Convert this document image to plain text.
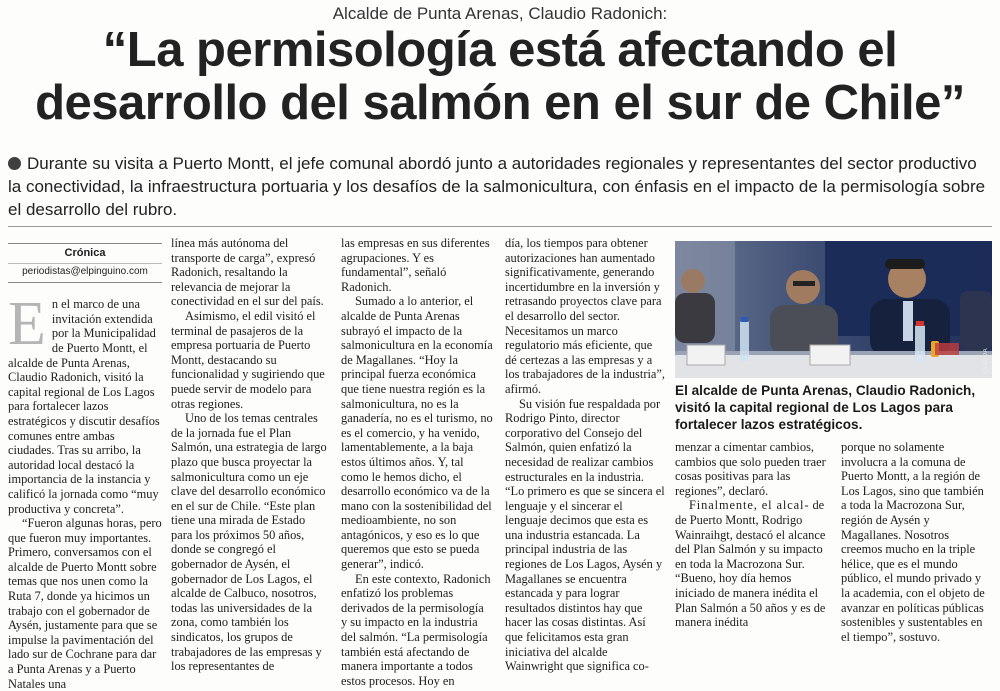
Alcalde de Punta Arenas, Claudio Radonich:
“La permisología está afectando el
desarrollo del salmón en el sur de Chile”
Durante su visita a Puerto Montt, el jefe comunal abordó junto a autoridades regionales y representantes del sector productivo la conectividad, la infraestructura portuaria y los desafíos de la salmonicultura, con énfasis en el impacto de la permisología sobre el desarrollo del rubro.
Crónica
periodistas@elpinguino.com
E n el marco de una invitación extendida por la Municipalidad de Puerto Montt, el alcalde de Punta Arenas, Claudio Radonich, visitó la capital regional de Los Lagos para fortalecer lazos estratégicos y discutir desafíos comunes entre ambas ciudades. Tras su arribo, la autoridad local destacó la importancia de la instancia y calificó la jornada como “muy productiva y concreta”.

“Fueron algunas horas, pero que fueron muy importantes. Primero, conversamos con el alcalde de Puerto Montt sobre temas que nos unen como la Ruta 7, donde ya hicimos un trabajo con el gobernador de Aysén, justamente para que se impulse la pavimentación del lado sur de Cochrane para dar a Punta Arenas y a Puerto Natales una

línea más autónoma del transporte de carga”, expresó Radonich, resaltando la relevancia de mejorar la conectividad en el sur del país.

Asimismo, el edil visitó el terminal de pasajeros de la empresa portuaria de Puerto Montt, destacando su funcionalidad y sugiriendo que puede servir de modelo para otras regiones.

Uno de los temas centrales de la jornada fue el Plan Salmón, una estrategia de largo plazo que busca proyectar la salmonicultura como un eje clave del desarrollo económico en el sur de Chile. “Este plan tiene una mirada de Estado para los próximos 50 años, donde se congregó el gobernador de Aysén, el gobernador de Los Lagos, el alcalde de Calbuco, nosotros, todas las universidades de la zona, como también los sindicatos, los grupos de trabajadores de las empresas y los representantes de

las empresas en sus diferentes agrupaciones. Y es fundamental”, señaló Radonich.

Sumado a lo anterior, el alcalde de Punta Arenas subrayó el impacto de la salmonicultura en la economía de Magallanes. “Hoy la principal fuerza económica que tiene nuestra región es la salmonicultura, no es la ganadería, no es el turismo, no es el comercio, y ha venido, lamentablemente, a la baja estos últimos años. Y, tal como le hemos dicho, el desarrollo económico va de la mano con la sostenibilidad del medioambiente, no son antagónicos, y eso es lo que queremos que esto se pueda generar”, indicó.

En este contexto, Radonich enfatizó los problemas derivados de la permisología y su impacto en la industria del salmón. “La permisología también está afectando de manera importante a todos estos procesos. Hoy en

día, los tiempos para obtener autorizaciones han aumentado significativamente, generando incertidumbre en la inversión y retrasando proyectos clave para el desarrollo del sector. Necesitamos un marco regulatorio más eficiente, que dé certezas a las empresas y a los trabajadores de la industria”, afirmó.

Su visión fue respaldada por Rodrigo Pinto, director corporativo del Consejo del Salmón, quien enfatizó la necesidad de realizar cambios estructurales en la industria. “Lo primero es que se sincera el lenguaje y el sincerar el lenguaje decimos que esta es una industria estancada. La principal industria de las regiones de Los Lagos, Aysén y Magallanes se encuentra estancada y para lograr resultados distintos hay que hacer las cosas distintas. Así que felicitamos esta gran iniciativa del alcalde Wainwright que significa co-

CEDIDA
El alcalde de Punta Arenas, Claudio Radonich, visitó la capital regional de Los Lagos para fortalecer lazos estratégicos.

menzar a cimentar cambios, cambios que solo pueden traer cosas positivas para las regiones”, declaró.

Finalmente, el alcal- de de Puerto Montt, Rodrigo Wainraihgt, destacó el alcance del Plan Salmón y su impacto en toda la Macrozona Sur. “Bueno, hoy día hemos iniciado de manera inédita el Plan Salmón a 50 años y es de manera inédita

porque no solamente involucra a la comuna de Puerto Montt, a la región de Los Lagos, sino que también a toda la Macrozona Sur, región de Aysén y Magallanes. Nosotros creemos mucho en la triple hélice, que es el mundo público, el mundo privado y la academia, con el objeto de avanzar en políticas públicas sostenibles y sustentables en el tiempo”, sostuvo.
